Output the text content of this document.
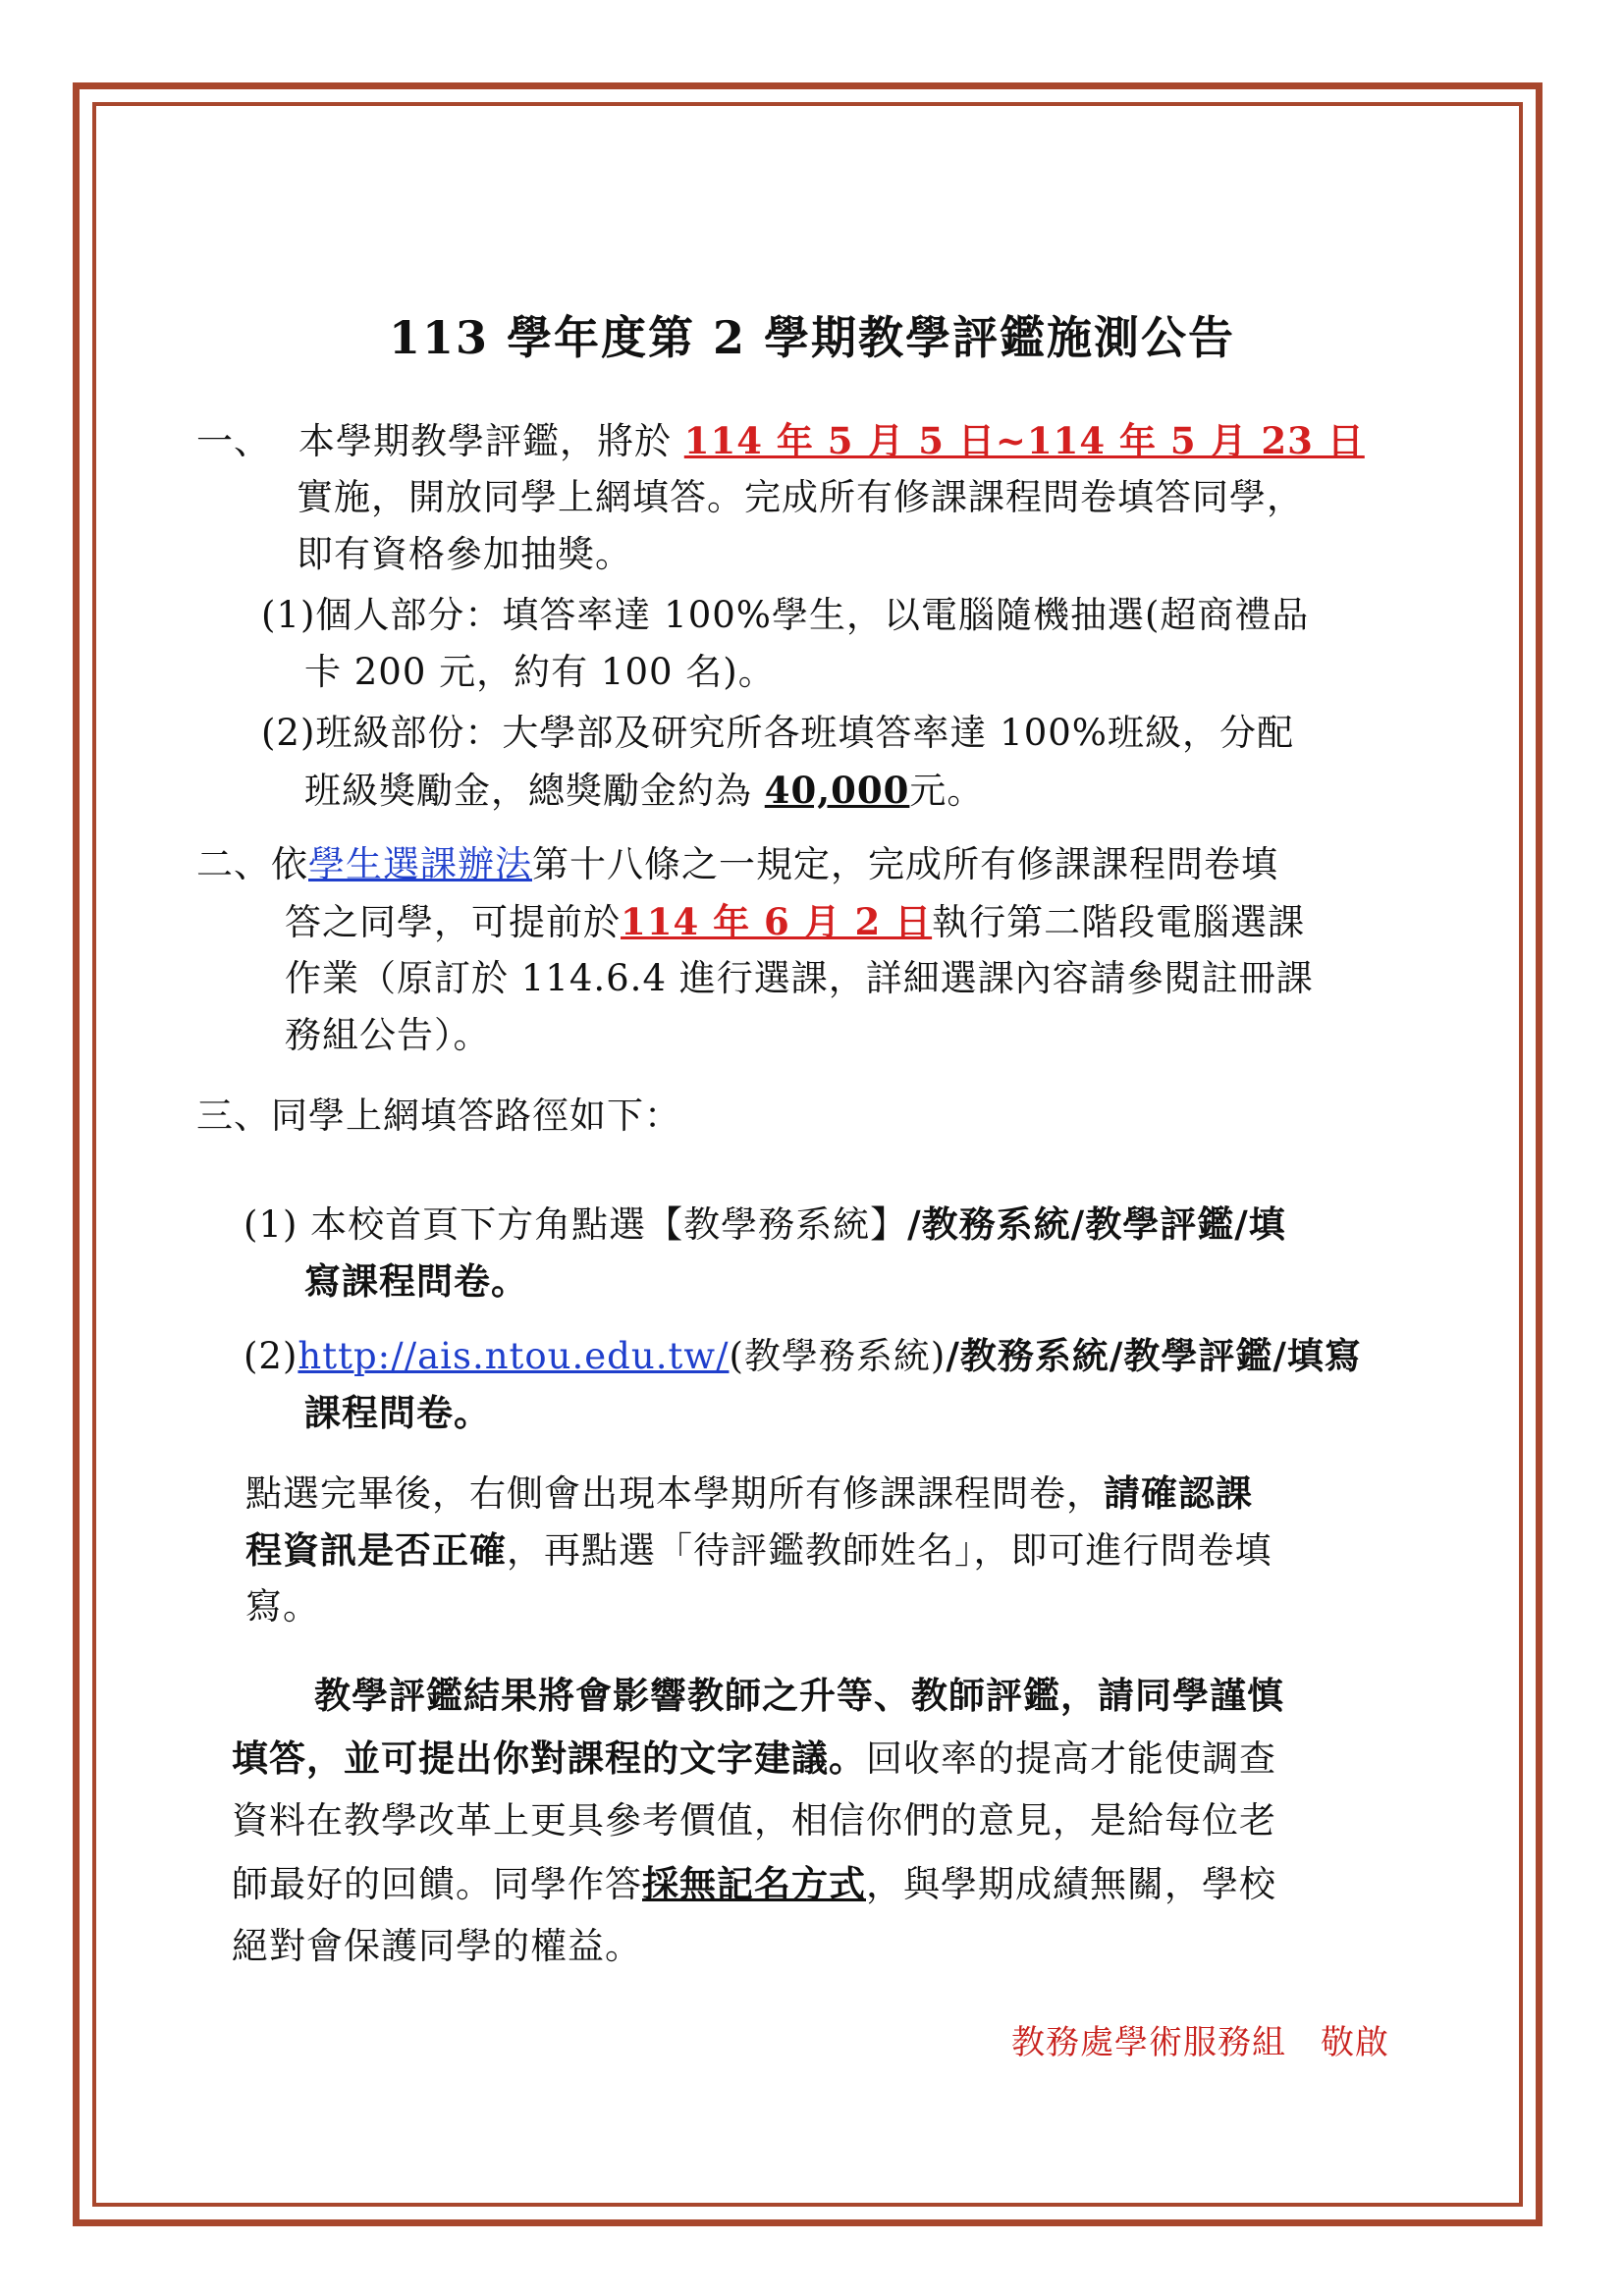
113 學年度第 2 學期教學評鑑施測公告
一、 本學期教學評鑑，將於 114 年 5 月 5 日~114 年 5 月 23 日
實施，開放同學上網填答。完成所有修課課程問卷填答同學，
即有資格參加抽獎。
(1)個人部分：填答率達 100%學生，以電腦隨機抽選(超商禮品
卡 200 元，約有 100 名)。
(2)班級部份：大學部及研究所各班填答率達 100%班級，分配
班級獎勵金，總獎勵金約為 40,000元。
二、依學生選課辦法第十八條之一規定，完成所有修課課程問卷填
答之同學，可提前於114 年 6 月 2 日執行第二階段電腦選課
作業（原訂於 114.6.4 進行選課，詳細選課內容請參閱註冊課
務組公告）。
三、同學上網填答路徑如下：
(1) 本校首頁下方角點選【教學務系統】/教務系統/教學評鑑/填
寫課程問卷。
(2)http://ais.ntou.edu.tw/(教學務系統)/教務系統/教學評鑑/填寫
課程問卷。
點選完畢後，右側會出現本學期所有修課課程問卷，請確認課
程資訊是否正確，再點選「待評鑑教師姓名」，即可進行問卷填
寫。
教學評鑑結果將會影響教師之升等、教師評鑑，請同學謹慎
填答，並可提出你對課程的文字建議。回收率的提高才能使調查
資料在教學改革上更具參考價值，相信你們的意見，是給每位老
師最好的回饋。同學作答採無記名方式，與學期成績無關，學校
絕對會保護同學的權益。
教務處學術服務組　敬啟
